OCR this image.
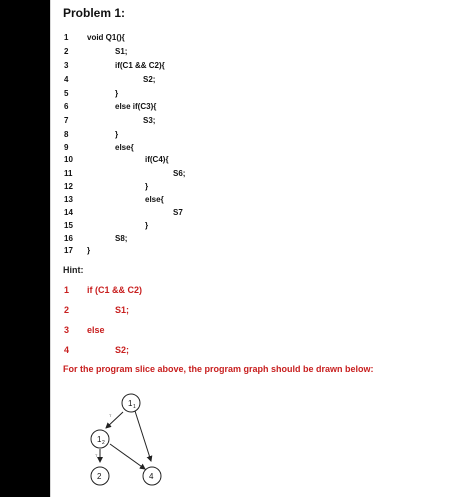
Problem 1:
1 void Q1(){
2	S1;
3	if(C1 && C2){
4	S2;
5	}
6	else if(C3){
7	S3;
8	}
9	else{
10	if(C4){
11	S6;
12	}
13	else{
14	S7
15	}
16	S8;
17 }
Hint:
1 if (C1 && C2)
2	S1;
3 else
4	S2;
For the program slice above, the program graph should be drawn below:
T
T
1 1
1 2
2	4
